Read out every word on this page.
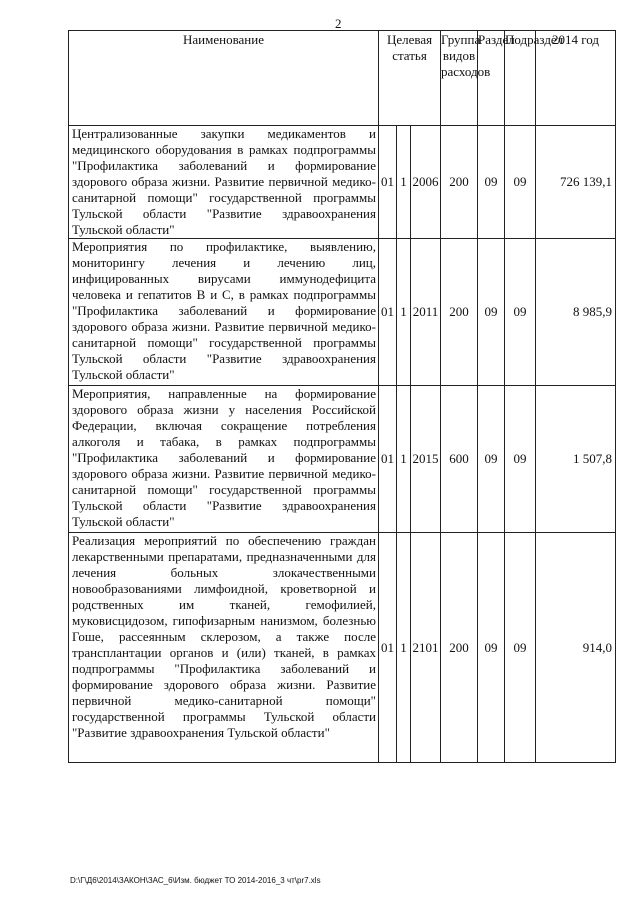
2
Наименование	Целевая статья			Группа видов расходов	Раздел	Подраздел	2014 год
Централизованные закупки медикаментов и медицинского оборудования в рамках подпрограммы "Профилактика заболеваний и формирование здорового образа жизни. Развитие первичной медико-санитарной помощи" государственной программы Тульской области "Развитие здравоохранения Тульской области"	01	1	2006	200	09	09	726 139,1
Мероприятия по профилактике, выявлению, мониторингу лечения и лечению лиц, инфицированных вирусами иммунодефицита человека и гепатитов В и С, в рамках подпрограммы "Профилактика заболеваний и формирование здорового образа жизни. Развитие первичной медико-санитарной помощи" государственной программы Тульской области "Развитие здравоохранения Тульской области"	01	1	2011	200	09	09	8 985,9
Мероприятия, направленные на формирование здорового образа жизни у населения Российской Федерации, включая сокращение потребления алкоголя и табака, в рамках подпрограммы "Профилактика заболеваний и формирование здорового образа жизни. Развитие первичной медико-санитарной помощи" государственной программы Тульской области "Развитие здравоохранения Тульской области"	01	1	2015	600	09	09	1 507,8
Реализация мероприятий по обеспечению граждан лекарственными препаратами, предназначенными для лечения больных злокачественными новообразованиями лимфоидной, кроветворной и родственных им тканей, гемофилией, муковисцидозом, гипофизарным нанизмом, болезнью Гоше, рассеянным склерозом, а также после трансплантации органов и (или) тканей, в рамках подпрограммы "Профилактика заболеваний и формирование здорового образа жизни. Развитие первичной медико-санитарной помощи" государственной программы Тульской области "Развитие здравоохранения Тульской области"	01	1	2101	200	09	09	914,0
D:\Г\Д6\2014\ЗАКОН\ЗАС_6\Изм. бюджет ТО 2014-2016_3 чт\pr7.xls
